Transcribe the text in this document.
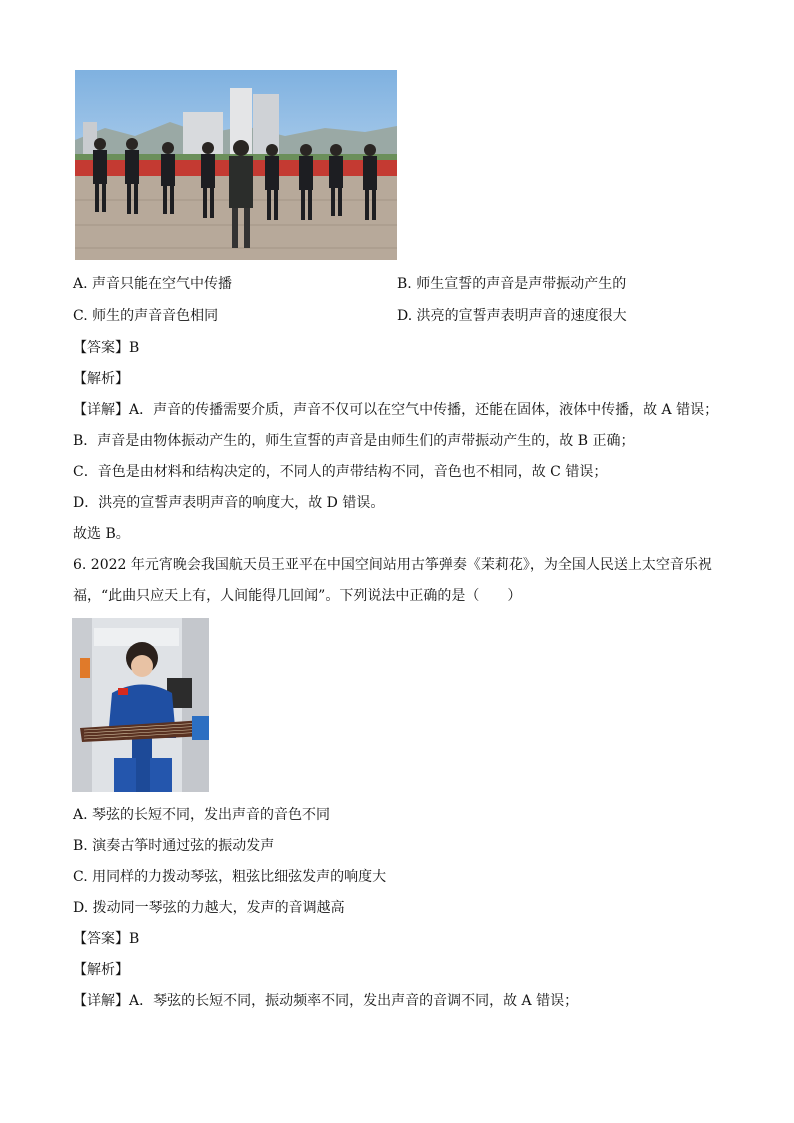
A. 声音只能在空气中传播	B. 师生宣誓的声音是声带振动产生的
C. 师生的声音音色相同	D. 洪亮的宣誓声表明声音的速度很大
【答案】B
【解析】
【详解】A．声音的传播需要介质，声音不仅可以在空气中传播，还能在固体，液体中传播，故 A 错误；
B．声音是由物体振动产生的，师生宣誓的声音是由师生们的声带振动产生的，故 B 正确；
C．音色是由材料和结构决定的，不同人的声带结构不同，音色也不相同，故 C 错误；
D．洪亮的宣誓声表明声音的响度大，故 D 错误。
故选 B。
6. 2022 年元宵晚会我国航天员王亚平在中国空间站用古筝弹奏《茉莉花》，为全国人民送上太空音乐祝
福，“此曲只应天上有，人间能得几回闻”。下列说法中正确的是（　　）
A. 琴弦的长短不同，发出声音的音色不同
B. 演奏古筝时通过弦的振动发声
C. 用同样的力拨动琴弦，粗弦比细弦发声的响度大
D. 拨动同一琴弦的力越大，发声的音调越高
【答案】B
【解析】
【详解】A．琴弦的长短不同，振动频率不同，发出声音的音调不同，故 A 错误；
